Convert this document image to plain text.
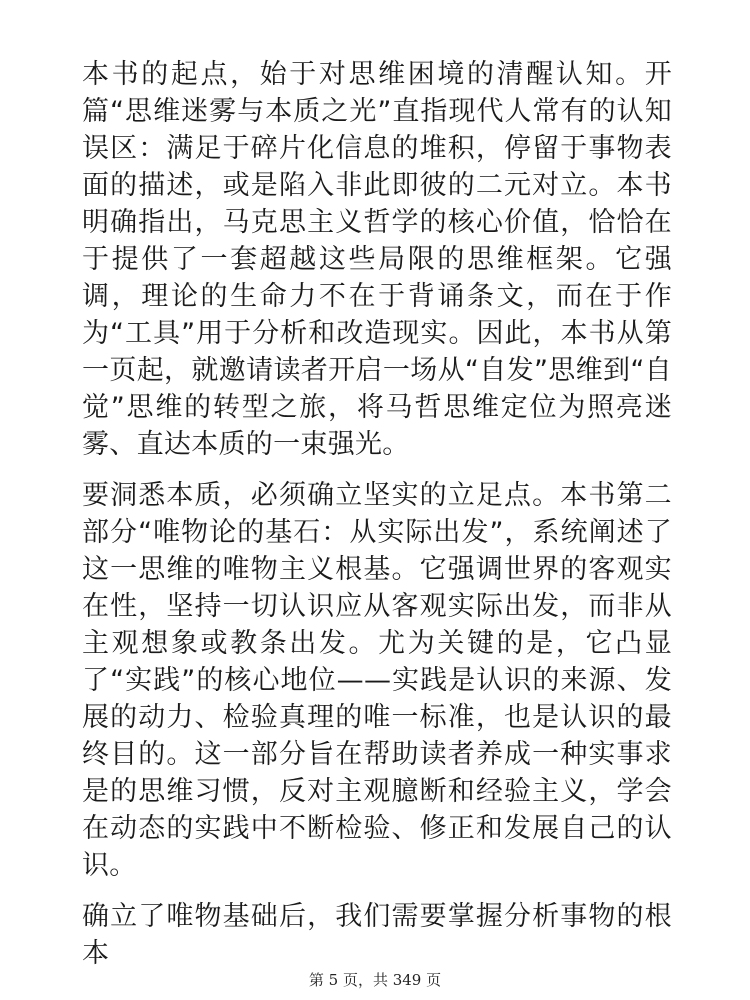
本书的起点，始于对思维困境的清醒认知。开篇“思维迷雾与本质之光”直指现代人常有的认知误区：满足于碎片化信息的堆积，停留于事物表面的描述，或是陷入非此即彼的二元对立。本书明确指出，马克思主义哲学的核心价值，恰恰在于提供了一套超越这些局限的思维框架。它强调，理论的生命力不在于背诵条文，而在于作为“工具”用于分析和改造现实。因此，本书从第一页起，就邀请读者开启一场从“自发”思维到“自觉”思维的转型之旅，将马哲思维定位为照亮迷雾、直达本质的一束强光。

要洞悉本质，必须确立坚实的立足点。本书第二部分“唯物论的基石：从实际出发”，系统阐述了这一思维的唯物主义根基。它强调世界的客观实在性，坚持一切认识应从客观实际出发，而非从主观想象或教条出发。尤为关键的是，它凸显了“实践”的核心地位——实践是认识的来源、发展的动力、检验真理的唯一标准，也是认识的最终目的。这一部分旨在帮助读者养成一种实事求是的思维习惯，反对主观臆断和经验主义，学会在动态的实践中不断检验、修正和发展自己的认识。

确立了唯物基础后，我们需要掌握分析事物的根本

第 5 页，共 349 页
